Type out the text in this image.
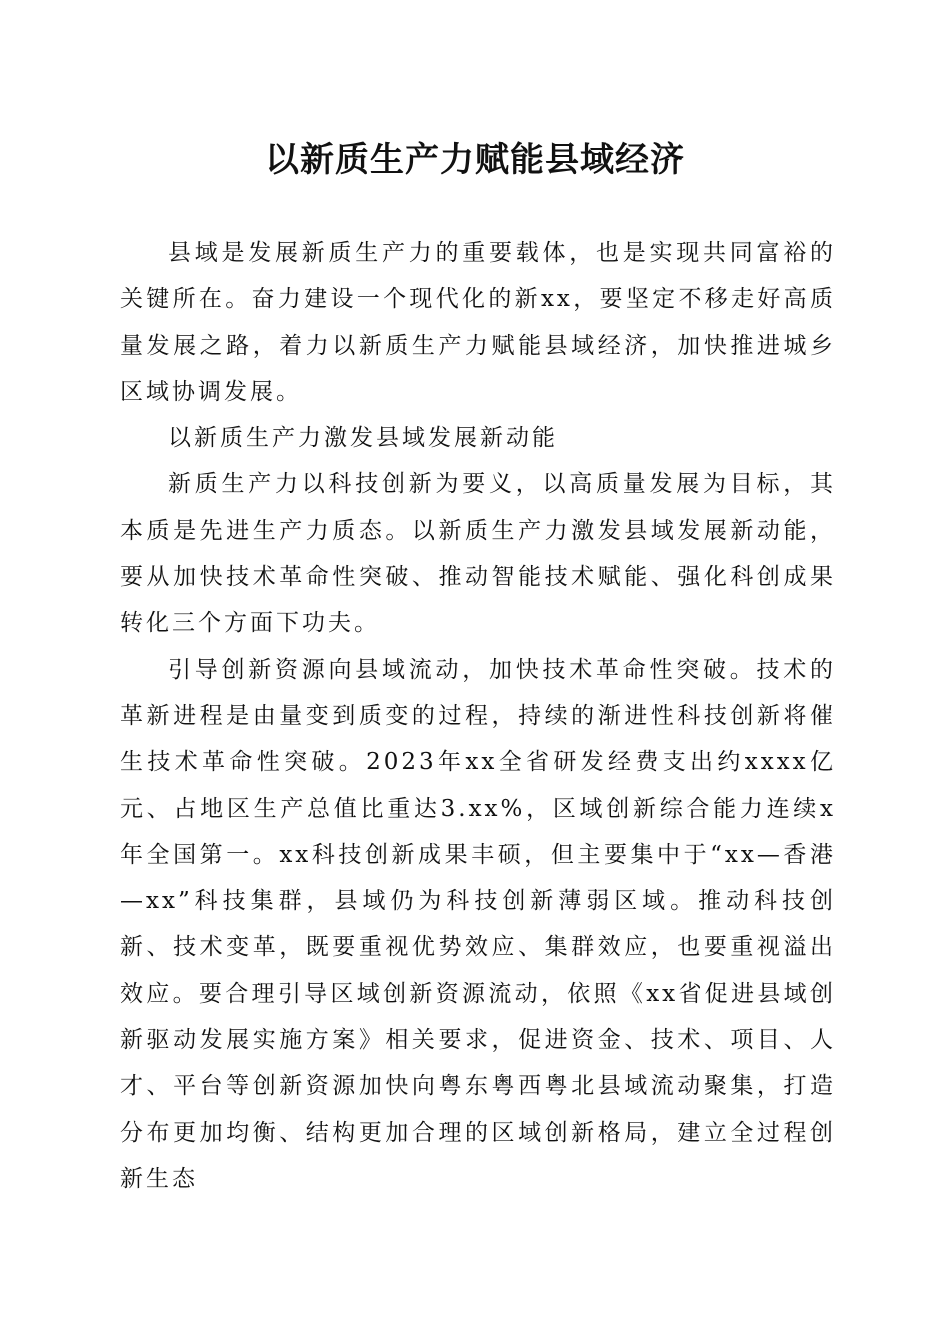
以新质生产力赋能县域经济

县域是发展新质生产力的重要载体，也是实现共同富裕的关键所在。奋力建设一个现代化的新xx，要坚定不移走好高质量发展之路，着力以新质生产力赋能县域经济，加快推进城乡区域协调发展。

以新质生产力激发县域发展新动能

新质生产力以科技创新为要义，以高质量发展为目标，其本质是先进生产力质态。以新质生产力激发县域发展新动能，要从加快技术革命性突破、推动智能技术赋能、强化科创成果转化三个方面下功夫。

引导创新资源向县域流动，加快技术革命性突破。技术的革新进程是由量变到质变的过程，持续的渐进性科技创新将催生技术革命性突破。2023年xx全省研发经费支出约xxxx亿元、占地区生产总值比重达3.xx%，区域创新综合能力连续x年全国第一。xx科技创新成果丰硕，但主要集中于“xx—香港—xx”科技集群，县域仍为科技创新薄弱区域。推动科技创新、技术变革，既要重视优势效应、集群效应，也要重视溢出效应。要合理引导区域创新资源流动，依照《xx省促进县域创新驱动发展实施方案》相关要求，促进资金、技术、项目、人才、平台等创新资源加快向粤东粤西粤北县域流动聚集，打造分布更加均衡、结构更加合理的区域创新格局，建立全过程创新生态
